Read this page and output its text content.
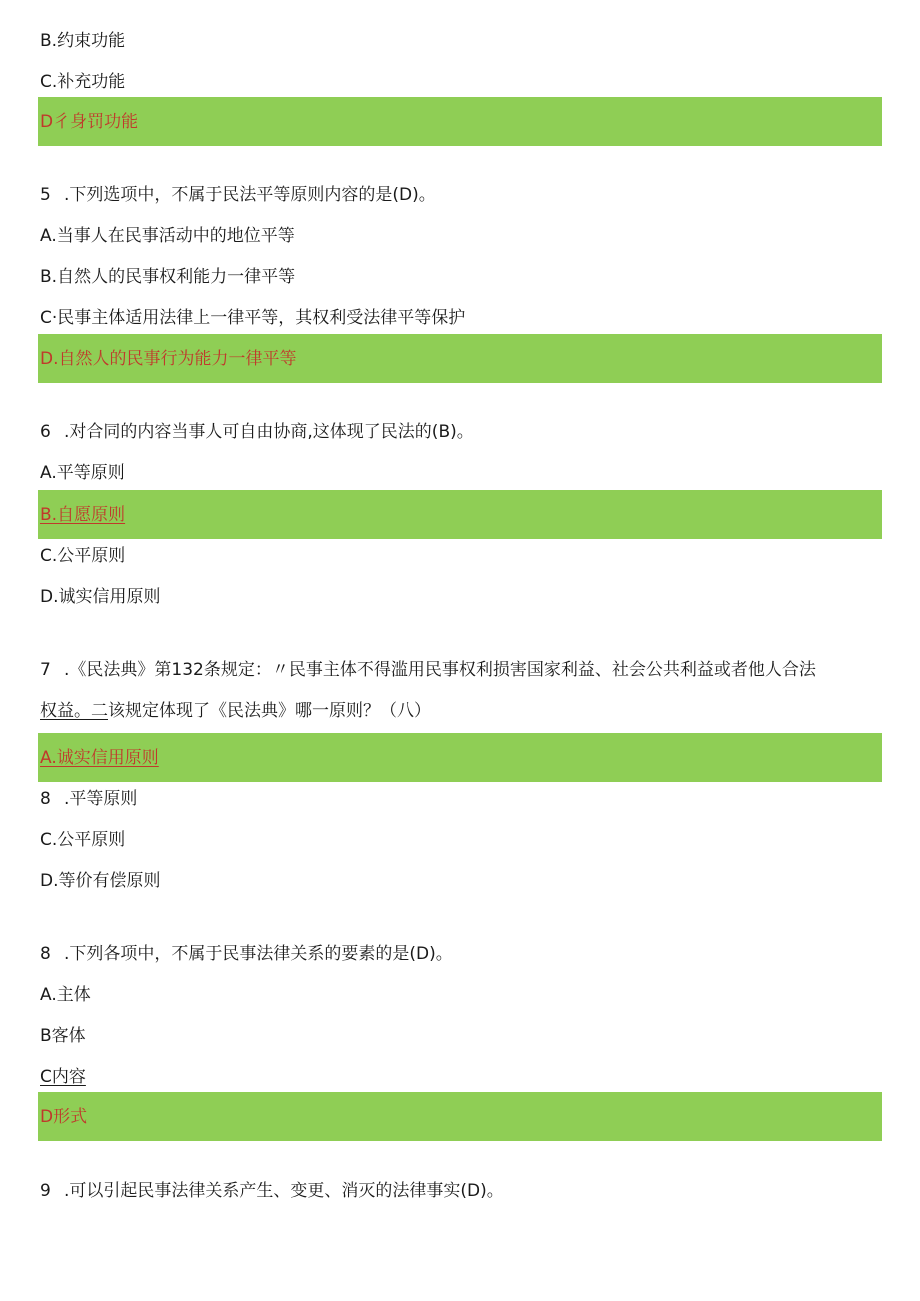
B.约束功能
C.补充功能
D彳身罚功能
5 .下列选项中，不属于民法平等原则内容的是(D)。
A.当事人在民事活动中的地位平等
B.自然人的民事权利能力一律平等
C·民事主体适用法律上一律平等，其权利受法律平等保护
D.自然人的民事行为能力一律平等
6 .对合同的内容当事人可自由协商,这体现了民法的(B)。
A.平等原则
B.自愿原则
C.公平原则
D.诚实信用原则
7 .《民法典》第132条规定：〃民事主体不得滥用民事权利损害国家利益、社会公共利益或者他人合法
权益。二该规定体现了《民法典》哪一原则？（八）
A.诚实信用原则
8 .平等原则
C.公平原则
D.等价有偿原则
8 .下列各项中，不属于民事法律关系的要素的是(D)。
A.主体
B客体
C内容
D形式
9 .可以引起民事法律关系产生、变更、消灭的法律事实(D)。
